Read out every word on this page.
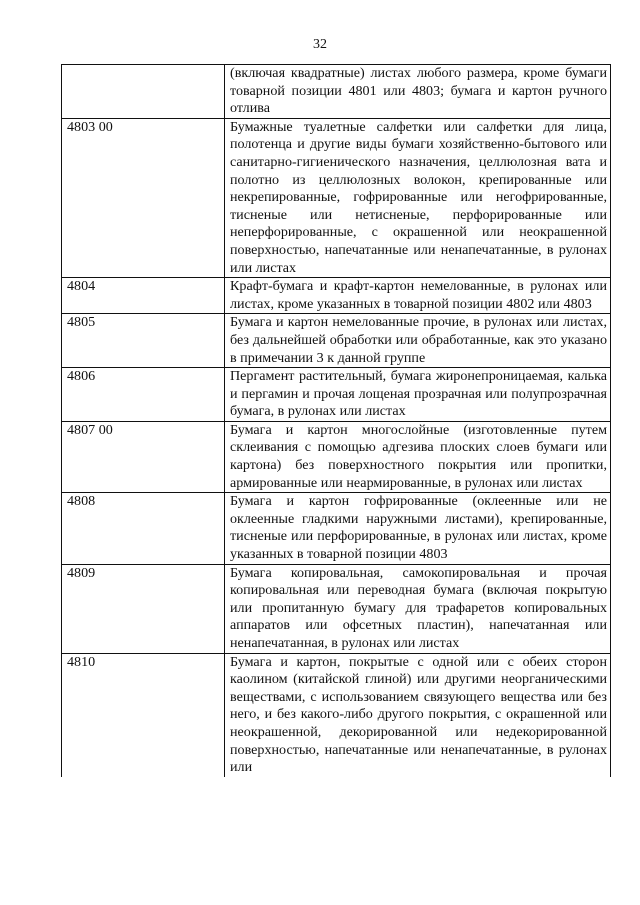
32
	(включая квадратные) листах любого размера, кроме бумаги товарной позиции 4801 или 4803; бумага и картон ручного отлива
4803 00	Бумажные туалетные салфетки или салфетки для лица, полотенца и другие виды бумаги хозяйственно-бытового или санитарно-гигиенического назначения, целлюлозная вата и полотно из целлюлозных волокон, крепированные или некрепированные, гофрированные или негофрированные, тисненые или нетисненые, перфорированные или неперфорированные, с окрашенной или неокрашенной поверхностью, напечатанные или ненапечатанные, в рулонах или листах
4804	Крафт-бумага и крафт-картон немелованные, в рулонах или листах, кроме указанных в товарной позиции 4802 или 4803
4805	Бумага и картон немелованные прочие, в рулонах или листах, без дальнейшей обработки или обработанные, как это указано в примечании 3 к данной группе
4806	Пергамент растительный, бумага жиронепроницаемая, калька и пергамин и прочая лощеная прозрачная или полупрозрачная бумага, в рулонах или листах
4807 00	Бумага и картон многослойные (изготовленные путем склеивания с помощью адгезива плоских слоев бумаги или картона) без поверхностного покрытия или пропитки, армированные или неармированные, в рулонах или листах
4808	Бумага и картон гофрированные (оклеенные или не оклеенные гладкими наружными листами), крепированные, тисненые или перфорированные, в рулонах или листах, кроме указанных в товарной позиции 4803
4809	Бумага копировальная, самокопировальная и прочая копировальная или переводная бумага (включая покрытую или пропитанную бумагу для трафаретов копировальных аппаратов или офсетных пластин), напечатанная или ненапечатанная, в рулонах или листах
4810	Бумага и картон, покрытые с одной или с обеих сторон каолином (китайской глиной) или другими неорганическими веществами, с использованием связующего вещества или без него, и без какого-либо другого покрытия, с окрашенной или неокрашенной, декорированной или недекорированной поверхностью, напечатанные или ненапечатанные, в рулонах или
